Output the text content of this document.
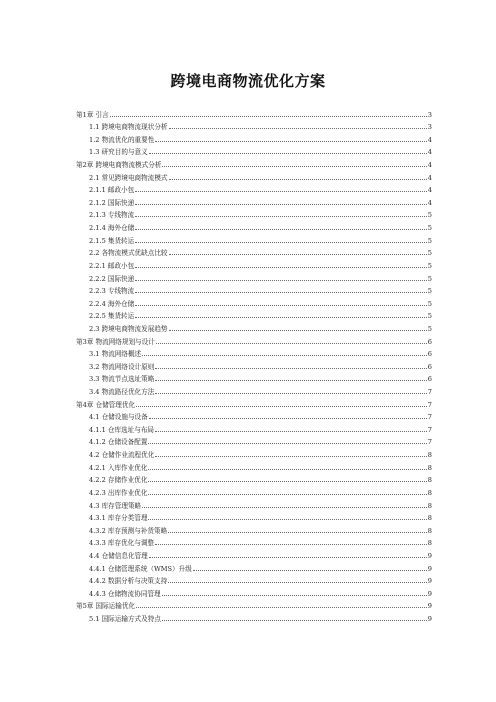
跨境电商物流优化方案
第1章 引言	3
1.1 跨境电商物流现状分析	3
1.2 物流优化的重要性	4
1.3 研究目的与意义	4
第2章 跨境电商物流模式分析	4
2.1 常见跨境电商物流模式	4
2.1.1 邮政小包	4
2.1.2 国际快递	4
2.1.3 专线物流	5
2.1.4 海外仓储	5
2.1.5 集货转运	5
2.2 各物流模式优缺点比较	5
2.2.1 邮政小包	5
2.2.2 国际快递	5
2.2.3 专线物流	5
2.2.4 海外仓储	5
2.2.5 集货转运	5
2.3 跨境电商物流发展趋势	5
第3章 物流网络规划与设计	6
3.1 物流网络概述	6
3.2 物流网络设计原则	6
3.3 物流节点选址策略	6
3.4 物流路径优化方法	7
第4章 仓储管理优化	7
4.1 仓储设施与设备	7
4.1.1 仓库选址与布局	7
4.1.2 仓储设备配置	7
4.2 仓储作业流程优化	8
4.2.1 入库作业优化	8
4.2.2 存储作业优化	8
4.2.3 出库作业优化	8
4.3 库存管理策略	8
4.3.1 库存分类管理	8
4.3.2 库存预测与补货策略	8
4.3.3 库存优化与调整	8
4.4 仓储信息化管理	9
4.4.1 仓储管理系统（WMS）升级	9
4.4.2 数据分析与决策支持	9
4.4.3 仓储物流协同管理	9
第5章 国际运输优化	9
5.1 国际运输方式及特点	9
